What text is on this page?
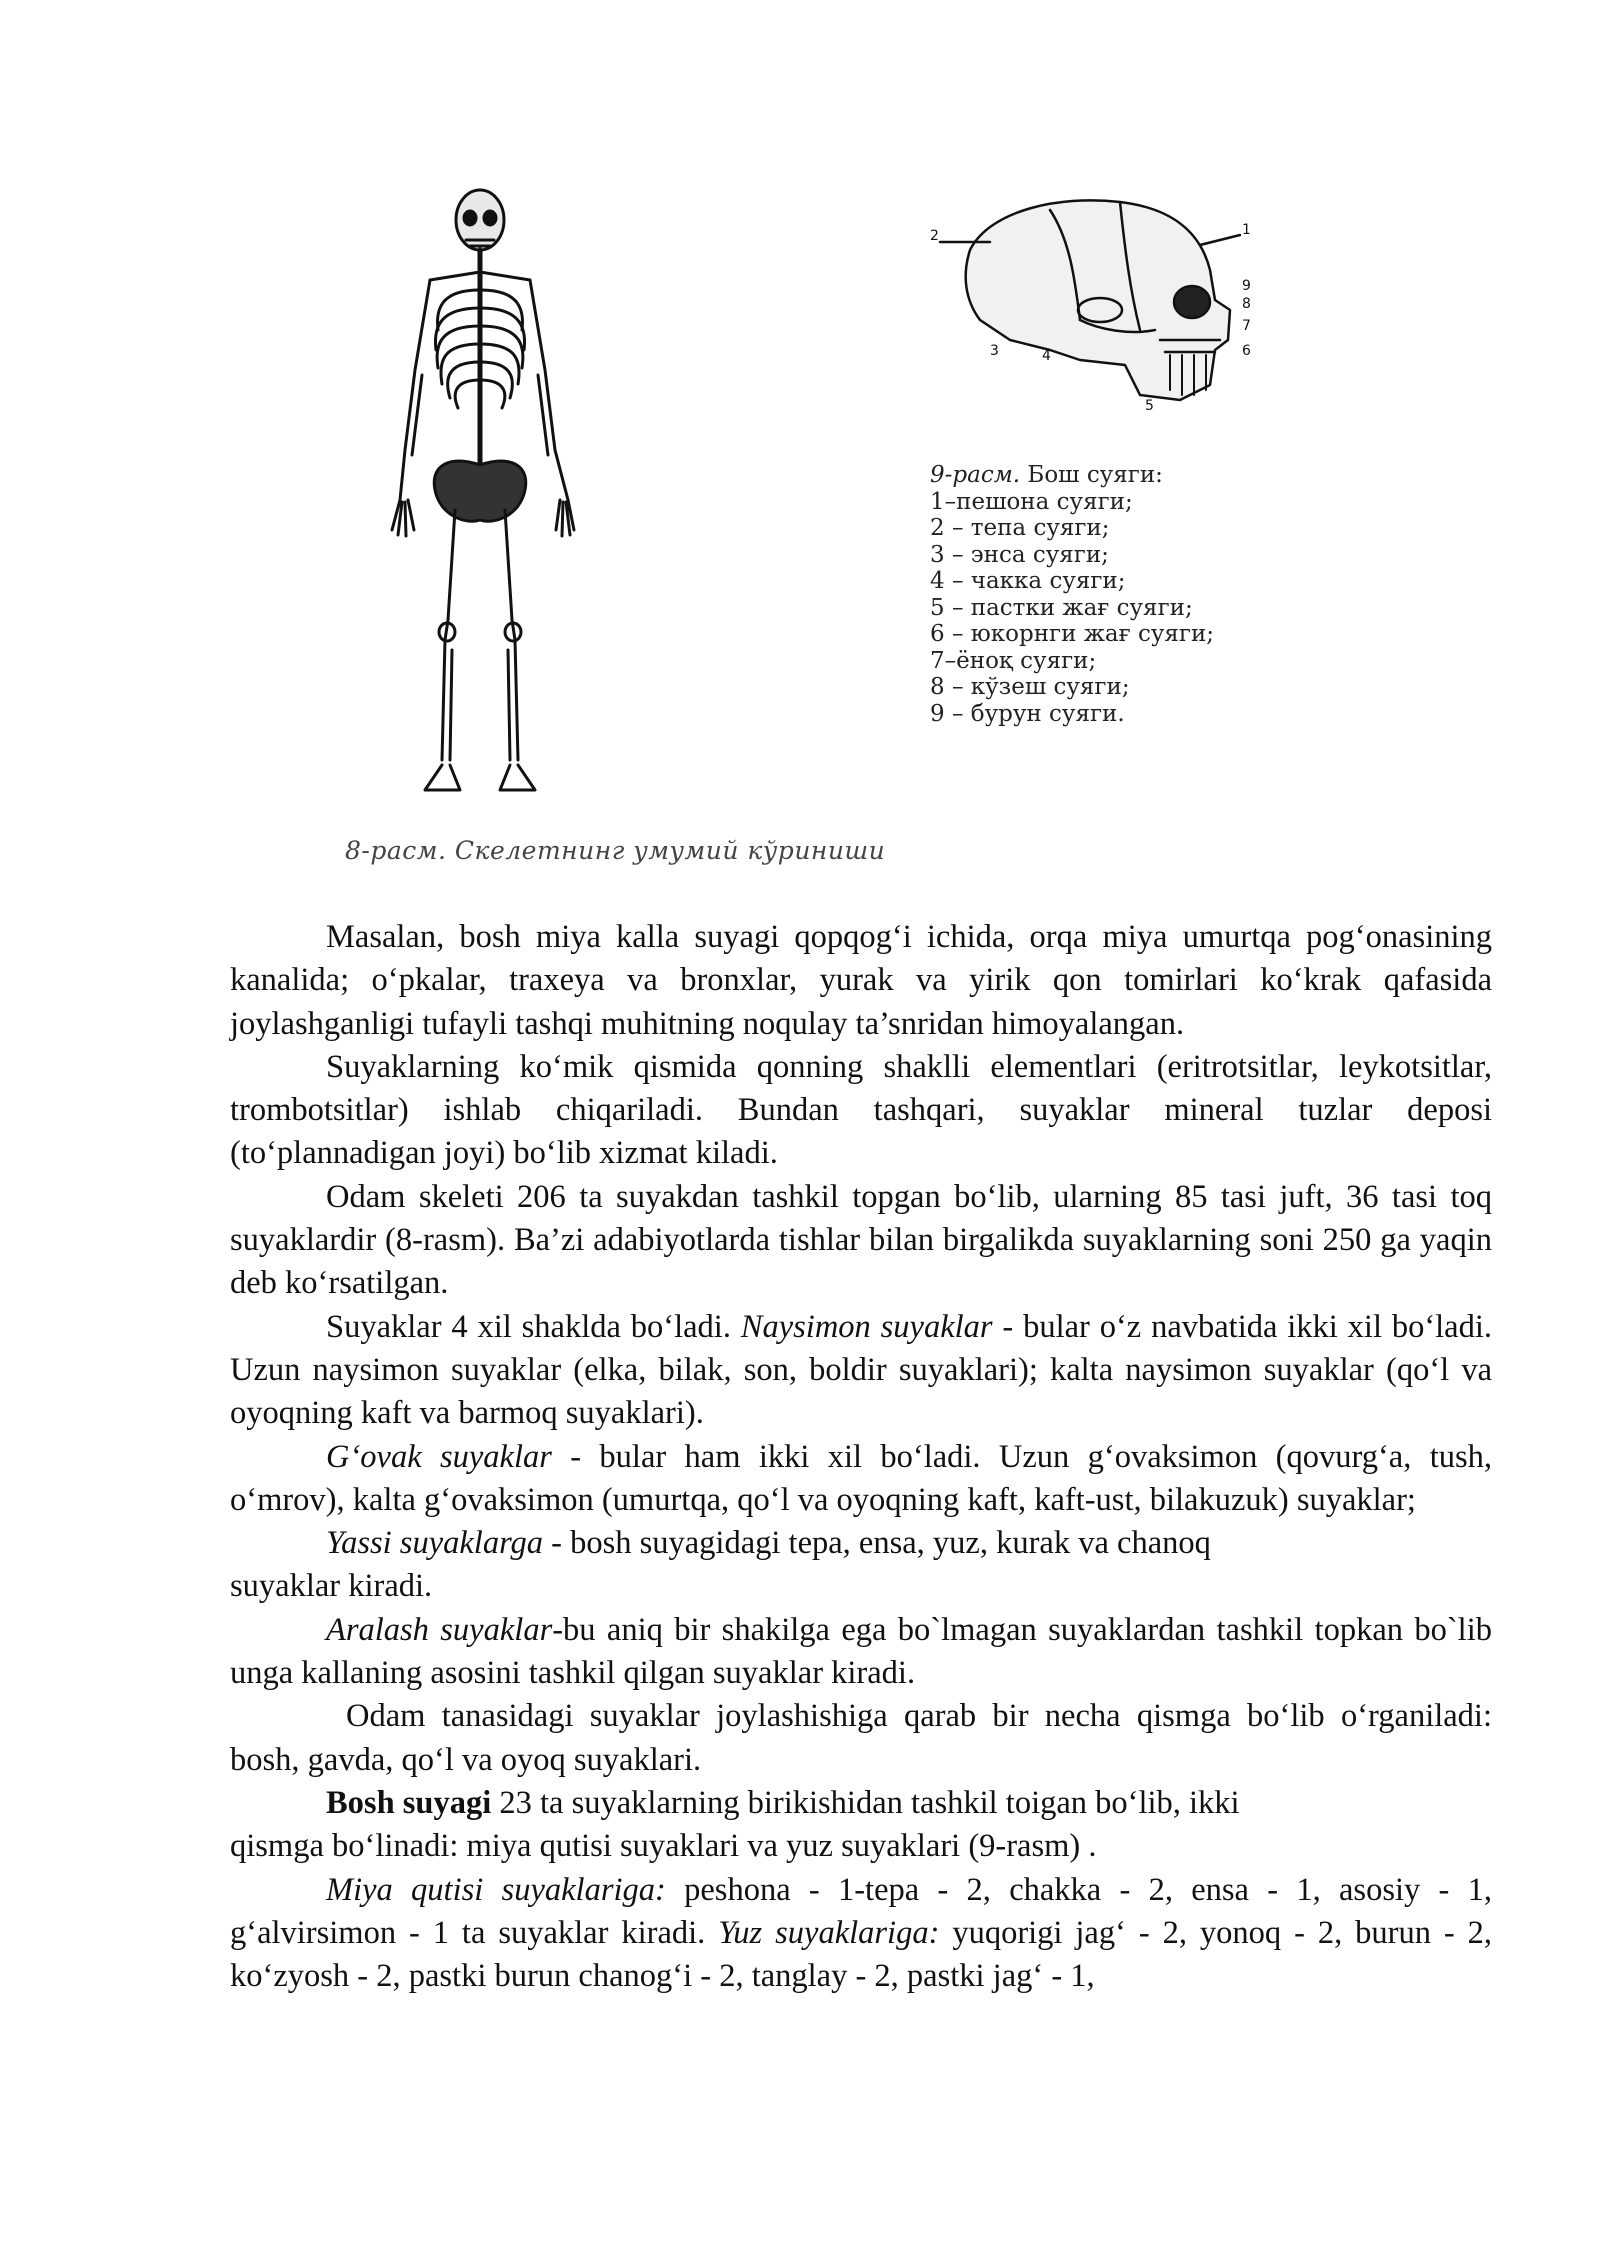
8-расм. Скелетнинг умумий кўриниши
2	1
3	4
5
6
7
8
9
9-расм. Бош суяги:
1–пешона суяги;
2 – тепа суяги;
3 – энса суяги;
4 – чакка суяги;
5 – пастки жағ суяги;
6 – юкорнги жағ суяги;
7–ёноқ суяги;
8 – кўзеш суяги;
9 – бурун суяги.

Masalan, bosh miya kalla suyagi qopqog‘i ichida, orqa miya umurtqa pog‘onasining kanalida; o‘pkalar, traxeya va bronxlar, yurak va yirik qon tomirlari ko‘krak qafasida joylashganligi tufayli tashqi muhitning noqulay ta’snridan himoyalangan.

Suyaklarning ko‘mik qismida qonning shaklli elementlari (eritrotsitlar, leykotsitlar, trombotsitlar) ishlab chiqariladi. Bundan tashqari, suyaklar mineral tuzlar deposi (to‘plannadigan joyi) bo‘lib xizmat kiladi.

Odam skeleti 206 ta suyakdan tashkil topgan bo‘lib, ularning 85 tasi juft, 36 tasi toq suyaklardir (8-rasm). Ba’zi adabiyotlarda tishlar bilan birgalikda suyaklarning soni 250 ga yaqin deb ko‘rsatilgan.

Suyaklar 4 xil shaklda bo‘ladi. Naysimon suyaklar - bular o‘z navbatida ikki xil bo‘ladi. Uzun naysimon suyaklar (elka, bilak, son, boldir suyaklari); kalta naysimon suyaklar (qo‘l va oyoqning kaft va barmoq suyaklari).

G‘ovak suyaklar - bular ham ikki xil bo‘ladi. Uzun g‘ovaksimon (qovurg‘a, tush, o‘mrov), kalta g‘ovaksimon (umurtqa, qo‘l va oyoqning kaft, kaft-ust, bilakuzuk) suyaklar;

Yassi suyaklarga - bosh suyagidagi tepa, ensa, yuz, kurak va chanoq

suyaklar kiradi.

Aralash suyaklar-bu aniq bir shakilga ega bo`lmagan suyaklardan tashkil topkan bo`lib unga kallaning asosini tashkil qilgan suyaklar kiradi.

Odam tanasidagi suyaklar joylashishiga qarab bir necha qismga bo‘lib o‘rganiladi: bosh, gavda, qo‘l va oyoq suyaklari.

Bosh suyagi 23 ta suyaklarning birikishidan tashkil toigan bo‘lib, ikki

qismga bo‘linadi: miya qutisi suyaklari va yuz suyaklari (9-rasm) .

Miya qutisi suyaklariga: peshona - 1-tepa - 2, chakka - 2, ensa - 1, asosiy - 1, g‘alvirsimon - 1 ta suyaklar kiradi. Yuz suyaklariga: yuqorigi jag‘ - 2, yonoq - 2, burun - 2, ko‘zyosh - 2, pastki burun chanog‘i - 2, tanglay - 2, pastki jag‘ - 1,
